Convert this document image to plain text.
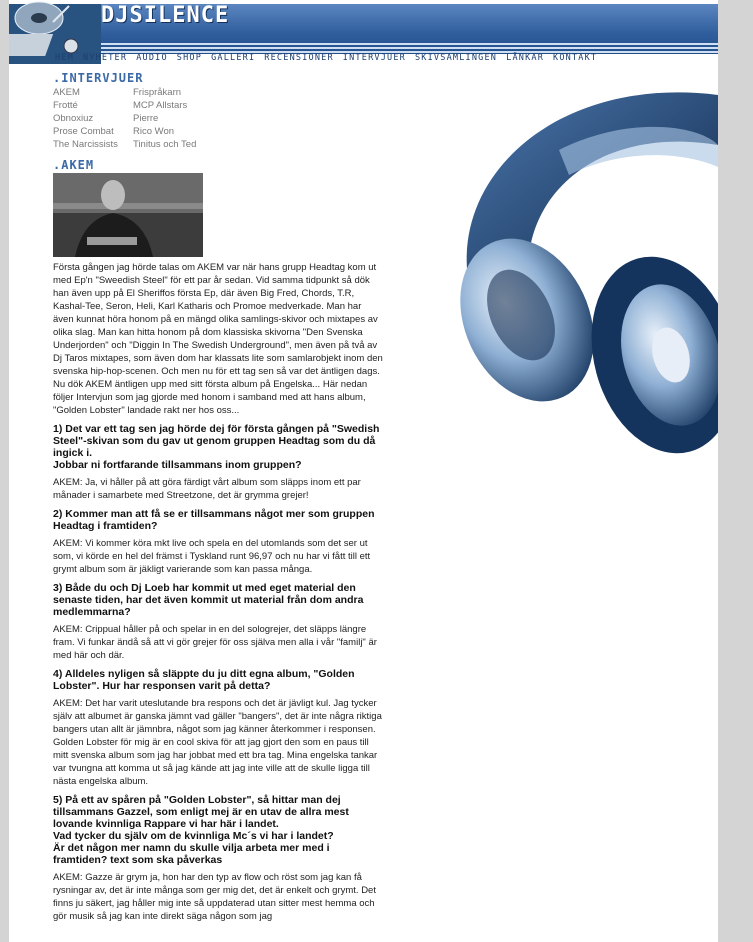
DJSILENCE
HEM NYHETER AUDIO SHOP GALLERI RECENSIONER INTERVJUER SKIVSAMLINGEN LÄNKAR KONTAKT
.INTERVJUER
AKEM
Frotté
Obnoxiuz
Prose Combat
The Narcissists
Frispråkarn
MCP Allstars
Pierre
Rico Won
Tinitus och Ted
.AKEM

Första gången jag hörde talas om AKEM var när hans grupp Headtag kom ut med Ep'n "Sweedish Steel" för ett par år sedan. Vid samma tidpunkt så dök han även upp på El Sheriffos första Ep, där även Big Fred, Chords, T.R, Kashal-Tee, Seron, Heli, Karl Katharis och Promoe medverkade. Man har även kunnat höra honom på en mängd olika samlings-skivor och mixtapes av olika slag. Man kan hitta honom på dom klassiska skivorna "Den Svenska Underjorden" och "Diggin In The Swedish Underground", men även på två av Dj Taros mixtapes, som även dom har klassats lite som samlarobjekt inom den svenska hip-hop-scenen. Och men nu för ett tag sen så var det äntligen dags. Nu dök AKEM äntligen upp med sitt första album på Engelska... Här nedan följer Intervjun som jag gjorde med honom i samband med att hans album, "Golden Lobster" landade rakt ner hos oss...

1) Det var ett tag sen jag hörde dej för första gången på "Swedish Steel"-skivan som du gav ut genom gruppen Headtag som du då ingick i.
Jobbar ni fortfarande tillsammans inom gruppen?

AKEM: Ja, vi håller på att göra färdigt vårt album som släpps inom ett par månader i samarbete med Streetzone, det är grymma grejer!

2) Kommer man att få se er tillsammans något mer som gruppen Headtag i framtiden?

AKEM: Vi kommer köra mkt live och spela en del utomlands som det ser ut som, vi körde en hel del främst i Tyskland runt 96,97 och nu har vi fått till ett grymt album som är jäkligt varierande som kan passa många.

3) Både du och Dj Loeb har kommit ut med eget material den senaste tiden, har det även kommit ut material från dom andra medlemmarna?

AKEM: Crippual håller på och spelar in en del sologrejer, det släpps längre fram. Vi funkar ändå så att vi gör grejer för oss själva men alla i vår "familj" är med här och där.

4) Alldeles nyligen så släppte du ju ditt egna album, "Golden Lobster". Hur har responsen varit på detta?

AKEM: Det har varit uteslutande bra respons och det är jävligt kul. Jag tycker själv att albumet är ganska jämnt vad gäller "bangers", det är inte några riktiga bangers utan allt är jämnbra, något som jag känner återkommer i responsen. Golden Lobster för mig är en cool skiva för att jag gjort den som en paus till mitt svenska album som jag har jobbat med ett bra tag. Mina engelska tankar var tvungna att komma ut så jag kände att jag inte ville att de skulle ligga till nästa engelska album.

5) På ett av spåren på "Golden Lobster", så hittar man dej tillsammans Gazzel, som enligt mej är en utav de allra mest lovande kvinnliga Rappare vi har här i landet.
Vad tycker du själv om de kvinnliga Mc´s vi har i landet?
Är det någon mer namn du skulle vilja arbeta mer med i framtiden? text som ska påverkas

AKEM: Gazze är grym ja, hon har den typ av flow och röst som jag kan få rysningar av, det är inte många som ger mig det, det är enkelt och grymt. Det finns ju säkert, jag håller mig inte så uppdaterad utan sitter mest hemma och gör musik så jag kan inte direkt säga någon som jag
